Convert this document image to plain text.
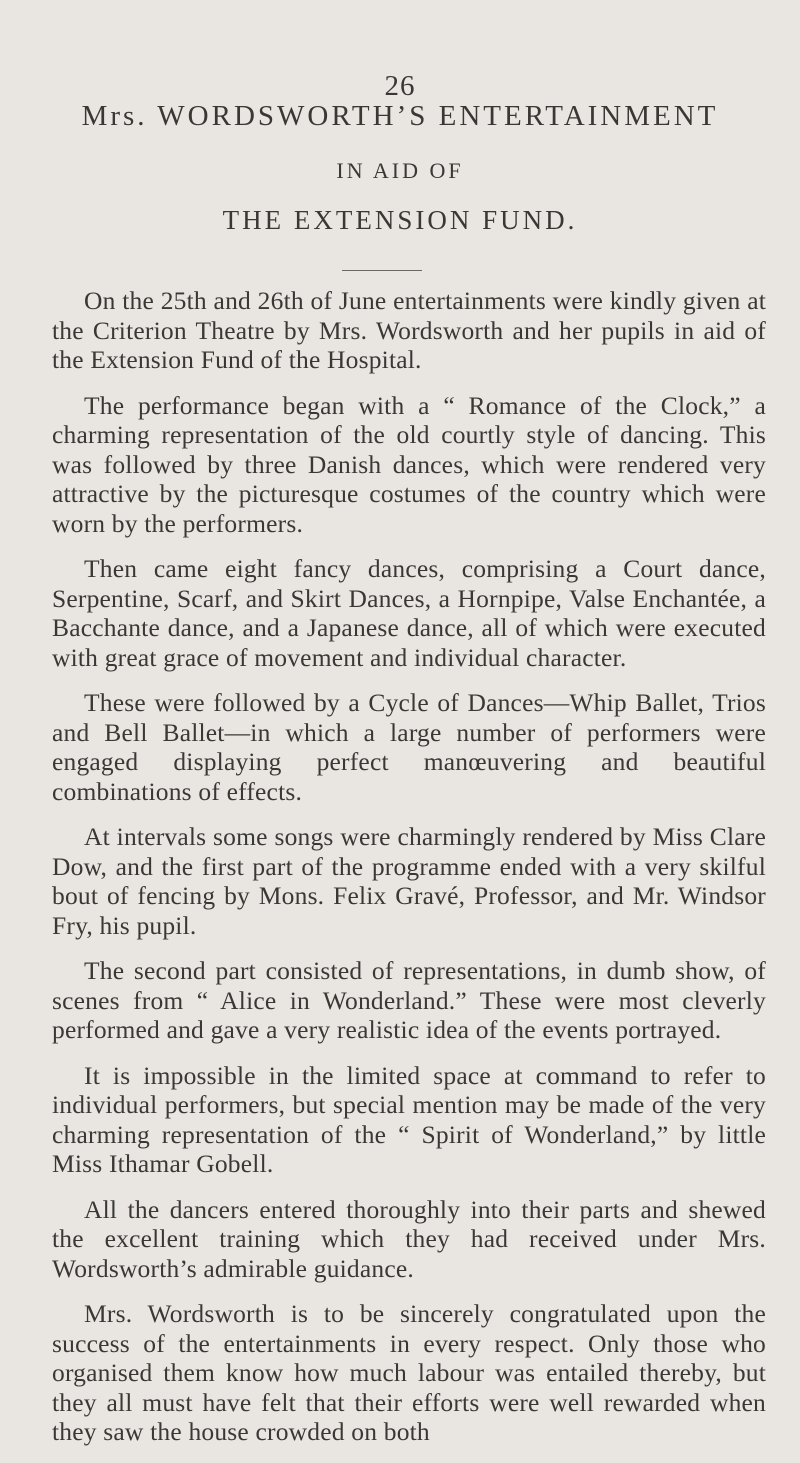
26
Mrs. WORDSWORTH’S ENTERTAINMENT
IN AID OF
THE EXTENSION FUND.

On the 25th and 26th of June entertainments were kindly given at the Criterion Theatre by Mrs. Wordsworth and her pupils in aid of the Extension Fund of the Hospital.

The performance began with a “ Romance of the Clock,” a charming representation of the old courtly style of dancing. This was followed by three Danish dances, which were rendered very attractive by the picturesque costumes of the country which were worn by the performers.

Then came eight fancy dances, comprising a Court dance, Serpentine, Scarf, and Skirt Dances, a Hornpipe, Valse Enchantée, a Bacchante dance, and a Japanese dance, all of which were executed with great grace of movement and individual character.

These were followed by a Cycle of Dances—Whip Ballet, Trios and Bell Ballet—in which a large number of performers were engaged displaying perfect manœuvering and beautiful combinations of effects.

At intervals some songs were charmingly rendered by Miss Clare Dow, and the first part of the programme ended with a very skilful bout of fencing by Mons. Felix Gravé, Professor, and Mr. Windsor Fry, his pupil.

The second part consisted of representations, in dumb show, of scenes from “ Alice in Wonderland.” These were most cleverly performed and gave a very realistic idea of the events portrayed.

It is impossible in the limited space at command to refer to individual performers, but special mention may be made of the very charming representation of the “ Spirit of Wonderland,” by little Miss Ithamar Gobell.

All the dancers entered thoroughly into their parts and shewed the excellent training which they had received under Mrs. Wordsworth’s admirable guidance.

Mrs. Wordsworth is to be sincerely congratulated upon the success of the entertainments in every respect. Only those who organised them know how much labour was entailed thereby, but they all must have felt that their efforts were well rewarded when they saw the house crowded on both
